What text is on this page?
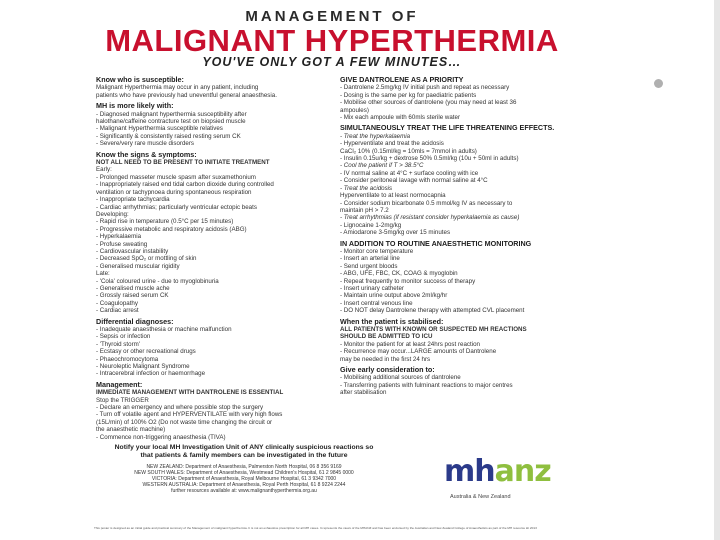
MANAGEMENT OF
MALIGNANT HYPERTHERMIA
YOU'VE ONLY GOT A FEW MINUTES…
Know who is susceptible:
Malignant Hyperthermia may occur in any patient, including
patients who have previously had uneventful general anaesthesia.
MH is more likely with:
- Diagnosed malignant hyperthermia susceptibility after
halothane/caffeine contracture test on biopsied muscle
- Malignant Hyperthermia susceptible relatives
- Significantly & consistently raised resting serum CK
- Severe/very rare muscle disorders
Know the signs & symptoms:
NOT ALL NEED TO BE PRESENT TO INITIATE TREATMENT
Early:
- Prolonged masseter muscle spasm after suxamethonium
- Inappropriately raised end tidal carbon dioxide during controlled
ventilation or tachypnoea during spontaneous respiration
- Inappropriate tachycardia
- Cardiac arrhythmias; particularly ventricular ectopic beats
Developing:
- Rapid rise in temperature (0.5°C per 15 minutes)
- Progressive metabolic and respiratory acidosis (ABG)
- Hyperkalaemia
- Profuse sweating
- Cardiovascular instability
- Decreased SpO₂ or mottling of skin
- Generalised muscular rigidity
Late:
- 'Cola' coloured urine - due to myoglobinuria
- Generalised muscle ache
- Grossly raised serum CK
- Coagulopathy
- Cardiac arrest
Differential diagnoses:
- Inadequate anaesthesia or machine malfunction
- Sepsis or infection
- 'Thyroid storm'
- Ecstasy or other recreational drugs
- Phaeochromocytoma
- Neuroleptic Malignant Syndrome
- Intracerebral infection or haemorrhage
Management:
IMMEDIATE MANAGEMENT WITH DANTROLENE IS ESSENTIAL
Stop the TRIGGER
- Declare an emergency and where possible stop the surgery
- Turn off volatile agent and HYPERVENTILATE with very high flows
(15L/min) of 100% O2 (Do not waste time changing the circuit or
the anaesthetic machine)
- Commence non-triggering anaesthesia (TIVA)
GIVE DANTROLENE AS A PRIORITY
- Dantrolene 2.5mg/kg IV initial push and repeat as necessary
- Dosing is the same per kg for paediatric patients
- Mobilise other sources of dantrolene (you may need at least 36
ampoules)
- Mix each ampoule with 60mls sterile water
SIMULTANEOUSLY TREAT THE LIFE THREATENING EFFECTS.
- Treat the hyperkalaemia
- Hyperventilate and treat the acidosis
CaCl₂ 10% (0.15ml/kg = 10mls = 7mmol in adults)
- Insulin 0.15u/kg + dextrose 50% 0.5ml/kg (10u + 50ml in adults)
- Cool the patient if T > 38.5°C
- IV normal saline at 4°C + surface cooling with ice
- Consider peritoneal lavage with normal saline at 4°C
- Treat the acidosis
Hyperventilate to at least normocapnia
- Consider sodium bicarbonate 0.5 mmol/kg IV as necessary to
maintain pH > 7.2
- Treat arrhythmias (if resistant consider hyperkalaemia as cause)
- Lignocaine 1-2mg/kg
- Amiodarone 3-5mg/kg over 15 minutes
IN ADDITION TO ROUTINE ANAESTHETIC MONITORING
- Monitor core temperature
- Insert an arterial line
- Send urgent bloods
- ABG, UFE, FBC, CK, COAG & myoglobin
- Repeat frequently to monitor success of therapy
- Insert urinary catheter
- Maintain urine output above 2ml/kg/hr
- Insert central venous line
- DO NOT delay Dantrolene therapy with attempted CVL placement
When the patient is stabilised:
ALL PATIENTS WITH KNOWN OR SUSPECTED MH REACTIONS
SHOULD BE ADMITTED TO ICU
- Monitor the patient for at least 24hrs post reaction
- Recurrence may occur...LARGE amounts of Dantrolene
may be needed in the first 24 hrs
Give early consideration to:
- Mobilising additional sources of dantrolene
- Transferring patients with fulminant reactions to major centres
after stabilisation
Notify your local MH Investigation Unit of ANY clinically suspicious reactions so
that patients & family members can be investigated in the future
NEW ZEALAND: Department of Anaesthesia, Palmerston North Hospital, 06 8 356 9169
NEW SOUTH WALES: Department of Anaesthesia, Westmead Children's Hospital, 61 2 9845 0000
VICTORIA: Department of Anaesthesia, Royal Melbourne Hospital, 61 3 9342 7000
WESTERN AUSTRALIA: Department of Anaesthesia, Royal Perth Hospital, 61 8 9224 2244
further resources available at: www.malignanthyperthermia.org.au
mhanz
Australia & New Zealand
This poster is designed as an initial guide and practical summary of the Management of malignant hyperthermia. It is not an exhaustive prescription for all MH cases. It represents the views of the MHANZ and has been endorsed by the Australian and New Zealand College of Anaesthetists as part of the MH resource kit 2013
